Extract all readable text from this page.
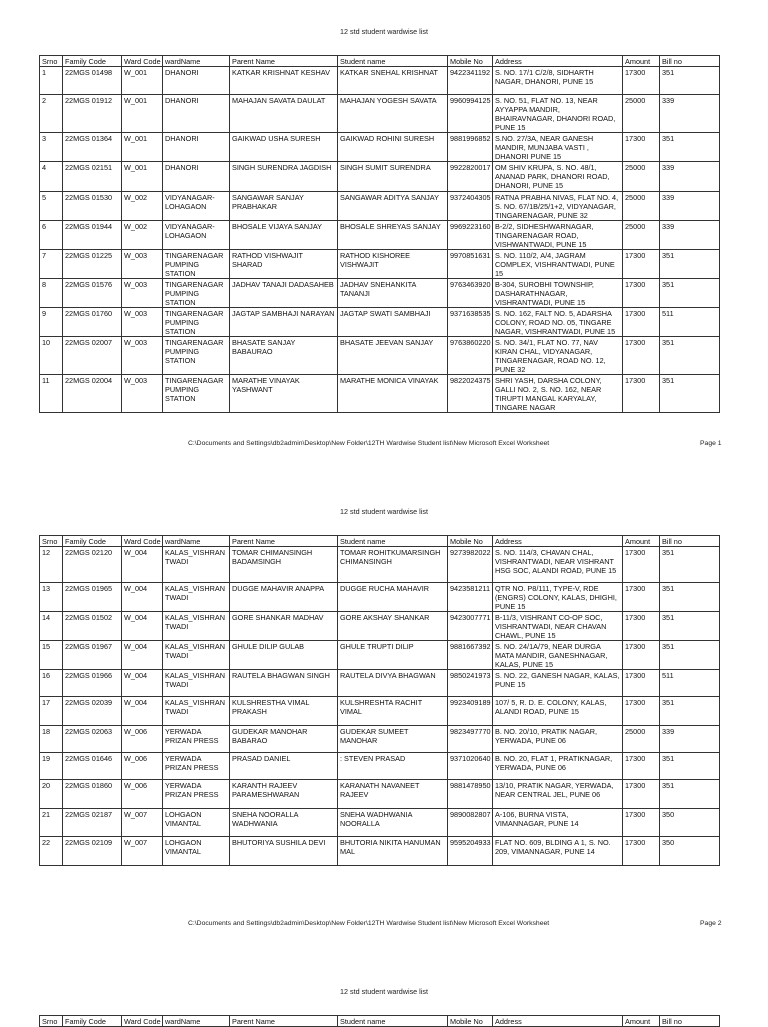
12 std student wardwise list
Srno	Family Code	Ward Code	wardName	Parent Name	Student name	Mobile No	Address	Amount	Bill no
1	22MGS 01498	W_001	DHANORI	KATKAR KRISHNAT KESHAV	KATKAR SNEHAL KRISHNAT	9422341192	S. NO. 17/1 C/2/8, SIDHARTH NAGAR, DHANORI, PUNE 15	17300	351
2	22MGS 01912	W_001	DHANORI	MAHAJAN SAVATA DAULAT	MAHAJAN YOGESH SAVATA	9960994125	S. NO. 51, FLAT NO. 13, NEAR AYYAPPA MANDIR, BHAIRAVNAGAR, DHANORI ROAD, PUNE 15	25000	339
3	22MGS 01364	W_001	DHANORI	GAIKWAD USHA SURESH	GAIKWAD ROHINI SURESH	9881996852	S.NO. 27/3A, NEAR GANESH MANDIR, MUNJABA VASTI , DHANORI PUNE 15	17300	351
4	22MGS 02151	W_001	DHANORI	SINGH SURENDRA JAGDISH	SINGH SUMIT SURENDRA	9922820017	OM SHIV KRUPA, S. NO. 48/1, ANANAD PARK, DHANORI ROAD, DHANORI, PUNE 15	25000	339
5	22MGS 01530	W_002	VIDYANAGAR-LOHAGAON	SANGAWAR SANJAY PRABHAKAR	SANGAWAR ADITYA SANJAY	9372404305	RATNA PRABHA NIVAS, FLAT NO. 4, S. NO. 67/1B/25/1+2, VIDYANAGAR, TINGARENAGAR, PUNE 32	25000	339
6	22MGS 01944	W_002	VIDYANAGAR-LOHAGAON	BHOSALE VIJAYA SANJAY	BHOSALE SHREYAS SANJAY	9969223160	B-2/2, SIDHESHWARNAGAR, TINGARENAGAR ROAD, VISHWANTWADI, PUNE 15	25000	339
7	22MGS 01225	W_003	TINGARENAGAR PUMPING STATION	RATHOD VISHWAJIT SHARAD	RATHOD KISHOREE VISHWAJIT	9970851631	S. NO. 110/2, A/4, JAGRAM COMPLEX, VISHRANTWADI, PUNE 15	17300	351
8	22MGS 01576	W_003	TINGARENAGAR PUMPING STATION	JADHAV TANAJI DADASAHEB	JADHAV SNEHANKITA TANANJI	9763463920	B-304, SUROBHI TOWNSHIP, DASHARATHNAGAR, VISHRANTWADI, PUNE 15	17300	351
9	22MGS 01760	W_003	TINGARENAGAR PUMPING STATION	JAGTAP SAMBHAJI NARAYAN	JAGTAP SWATI SAMBHAJI	9371638535	S. NO. 162, FALT NO. 5, ADARSHA COLONY, ROAD NO. 05, TINGARE NAGAR, VISHRANTWADI, PUNE 15	17300	511
10	22MGS 02007	W_003	TINGARENAGAR PUMPING STATION	BHASATE SANJAY BABAURAO	BHASATE JEEVAN SANJAY	9763860220	S. NO. 34/1, FLAT NO. 77, NAV KIRAN CHAL, VIDYANAGAR, TINGARENAGAR, ROAD NO. 12, PUNE 32	17300	351
11	22MGS 02004	W_003	TINGARENAGAR PUMPING STATION	MARATHE VINAYAK YASHWANT	MARATHE MONICA VINAYAK	9822024375	SHRI YASH, DARSHA COLONY, GALLI NO. 2, S. NO. 162, NEAR TIRUPTI MANGAL KARYALAY, TINGARE NAGAR	17300	351
C:\Documents and Settings\db2admin\Desktop\New Folder\12TH Wardwise Student list\New Microsoft Excel Worksheet	Page 1
12 std student wardwise list
Srno	Family Code	Ward Code	wardName	Parent Name	Student name	Mobile No	Address	Amount	Bill no
12	22MGS 02120	W_004	KALAS_VISHRANTWADI	TOMAR CHIMANSINGH BADAMSINGH	TOMAR ROHITKUMARSINGH CHIMANSINGH	9273982022	S. NO. 114/3, CHAVAN CHAL, VISHRANTWADI, NEAR VISHRANT HSG SOC, ALANDI ROAD, PUNE 15	17300	351
13	22MGS 01965	W_004	KALAS_VISHRANTWADI	DUGGE MAHAVIR ANAPPA	DUGGE RUCHA MAHAVIR	9423581211	QTR NO. P8/111, TYPE-V, RDE (ENGRS) COLONY, KALAS, DHIGHI, PUNE 15	17300	351
14	22MGS 01502	W_004	KALAS_VISHRANTWADI	GORE SHANKAR MADHAV	GORE AKSHAY SHANKAR	9423007771	B-11/3, VISHRANT CO-OP SOC, VISHRANTWADI, NEAR CHAVAN CHAWL, PUNE 15	17300	351
15	22MGS 01967	W_004	KALAS_VISHRANTWADI	GHULE DILIP GULAB	GHULE TRUPTI DILIP	9881667392	S. NO. 24/1A/79, NEAR DURGA MATA MANDIR, GANESHNAGAR, KALAS, PUNE 15	17300	351
16	22MGS 01966	W_004	KALAS_VISHRANTWADI	RAUTELA BHAGWAN SINGH	RAUTELA DIVYA BHAGWAN	9850241973	S. NO. 22, GANESH NAGAR, KALAS, PUNE 15	17300	511
17	22MGS 02039	W_004	KALAS_VISHRANTWADI	KULSHRESTHA VIMAL PRAKASH	KULSHRESHTA RACHIT VIMAL	9923409189	107/ 5, R. D. E. COLONY, KALAS, ALANDI ROAD, PUNE 15	17300	351
18	22MGS 02063	W_006	YERWADA PRIZAN PRESS	GUDEKAR MANOHAR BABARAO	GUDEKAR SUMEET MANOHAR	9823497770	B. NO. 20/10, PRATIK NAGAR, YERWADA, PUNE 06	25000	339
19	22MGS 01646	W_006	YERWADA PRIZAN PRESS	PRASAD DANIEL	: STEVEN PRASAD	9371020640	B. NO. 20, FLAT 1, PRATIKNAGAR, YERWADA, PUNE 06	17300	351
20	22MGS 01860	W_006	YERWADA PRIZAN PRESS	KARANTH RAJEEV PARAMESHWARAN	KARANATH NAVANEET RAJEEV	9881478950	13/10, PRATIK NAGAR, YERWADA, NEAR CENTRAL JEL, PUNE 06	17300	351
21	22MGS 02187	W_007	LOHGAON VIMANTAL	SNEHA NOORALLA WADHWANIA	SNEHA WADHWANIA NOORALLA	9890082807	A-106, BURNA VISTA, VIMANNAGAR, PUNE 14	17300	350
22	22MGS 02109	W_007	LOHGAON VIMANTAL	BHUTORIYA SUSHILA DEVI	BHUTORIA NIKITA HANUMAN MAL	9595204933	FLAT NO. 609, BLDING A 1, S. NO. 209, VIMANNAGAR, PUNE 14	17300	350
C:\Documents and Settings\db2admin\Desktop\New Folder\12TH Wardwise Student list\New Microsoft Excel Worksheet	Page 2
12 std student wardwise list
Srno	Family Code	Ward Code	wardName	Parent Name	Student name	Mobile No	Address	Amount	Bill no
